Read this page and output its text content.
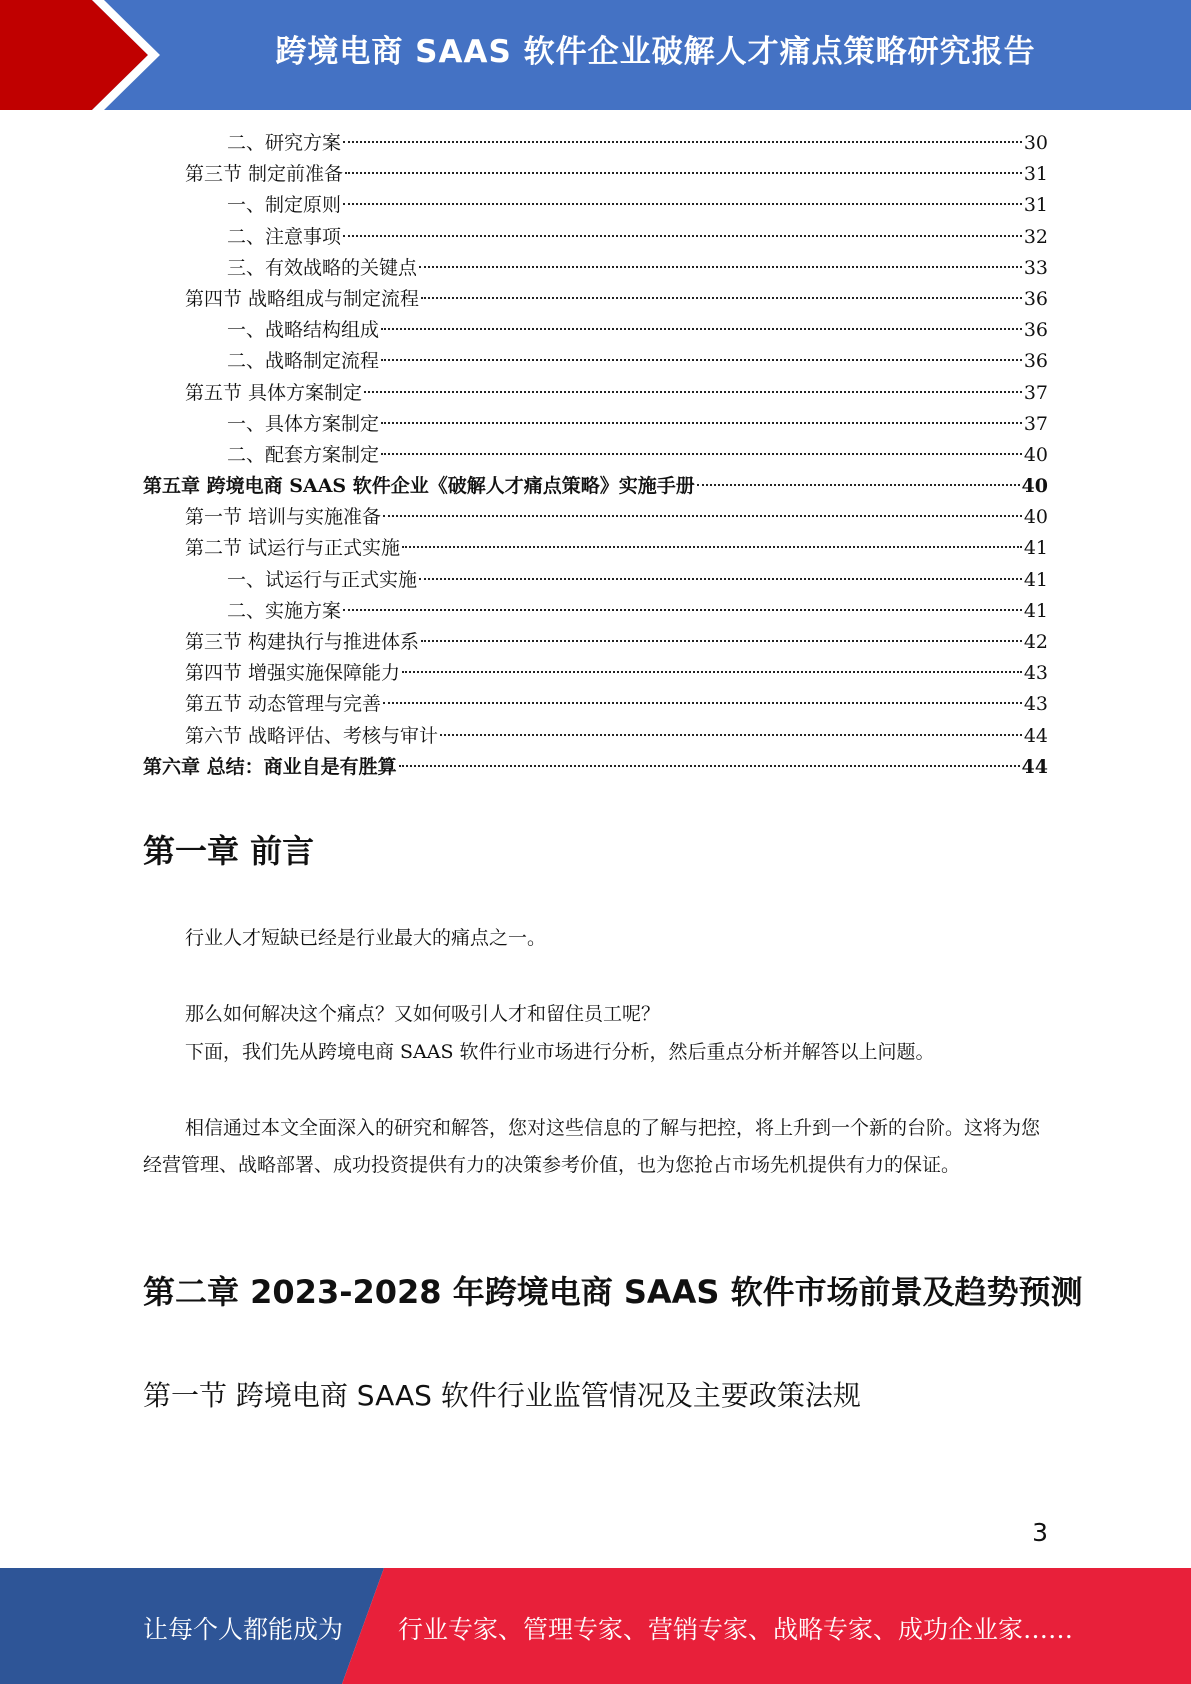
跨境电商 SAAS 软件企业破解人才痛点策略研究报告
二、研究方案	30
第三节 制定前准备	31
一、制定原则	31
二、注意事项	32
三、有效战略的关键点	33
第四节 战略组成与制定流程	36
一、战略结构组成	36
二、战略制定流程	36
第五节 具体方案制定	37
一、具体方案制定	37
二、配套方案制定	40
第五章 跨境电商 SAAS 软件企业《破解人才痛点策略》实施手册	40
第一节 培训与实施准备	40
第二节 试运行与正式实施	41
一、试运行与正式实施	41
二、实施方案	41
第三节 构建执行与推进体系	42
第四节 增强实施保障能力	43
第五节 动态管理与完善	43
第六节 战略评估、考核与审计	44
第六章 总结：商业自是有胜算	44
第一章 前言
行业人才短缺已经是行业最大的痛点之一。
那么如何解决这个痛点？又如何吸引人才和留住员工呢？
下面，我们先从跨境电商 SAAS 软件行业市场进行分析，然后重点分析并解答以上问题。
相信通过本文全面深入的研究和解答，您对这些信息的了解与把控，将上升到一个新的台阶。这将为您经营管理、战略部署、成功投资提供有力的决策参考价值，也为您抢占市场先机提供有力的保证。
第二章 2023-2028 年跨境电商 SAAS 软件市场前景及趋势预测
第一节 跨境电商 SAAS 软件行业监管情况及主要政策法规
3
让每个人都能成为 行业专家、管理专家、营销专家、战略专家、成功企业家……
